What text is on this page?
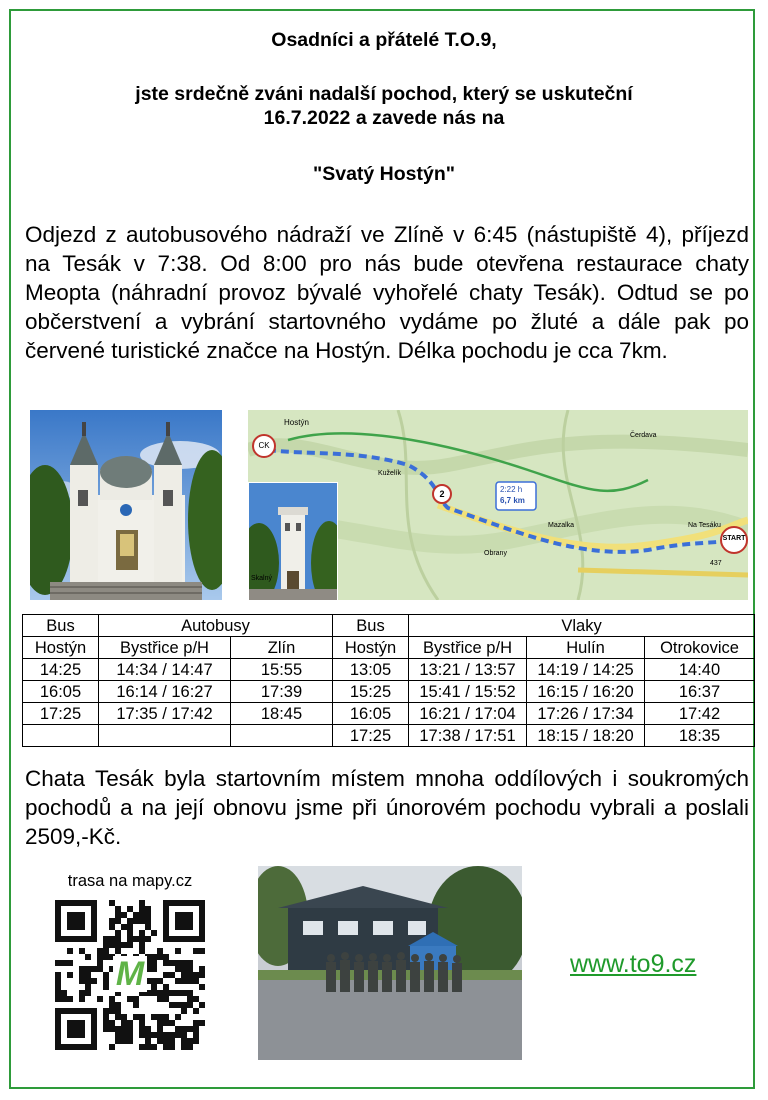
Osadníci a přátelé T.O.9,
jste srdečně zváni nadalší pochod, který se uskuteční
16.7.2022 a zavede nás na
"Svatý Hostýn"

Odjezd z autobusového nádraží ve Zlíně v 6:45 (nástupiště 4), příjezd na Tesák v 7:38. Od 8:00 pro nás bude otevřena restaurace chaty Meopta (náhradní provoz bývalé vyhořelé chaty Tesák). Odtud se po občerstvení a vybrání startovného vydáme po žluté a dále pak po červené turistické značce na Hostýn. Délka pochodu je cca 7km.

CK
2
START
2:22 h
6,7 km
Hostýn
Čerdava
Na Tesáku
Mazalka
Obrany
Kuželík
437
Skalný
Bus	Autobusy		Bus	Vlaky		
Hostýn	Bystřice p/H	Zlín	Hostýn	Bystřice p/H	Hulín	Otrokovice
14:25	14:34 / 14:47	15:55	13:05	13:21 / 13:57	14:19 / 14:25	14:40
16:05	16:14 / 16:27	17:39	15:25	15:41 / 15:52	16:15 / 16:20	16:37
17:25	17:35 / 17:42	18:45	16:05	16:21 / 17:04	17:26 / 17:34	17:42
			17:25	17:38 / 17:51	18:15 / 18:20	18:35

Chata Tesák byla startovním místem mnoha oddílových i soukromých pochodů a na její obnovu jsme při únorovém pochodu vybrali a poslali 2509,-Kč.

trasa na mapy.cz
M	www.to9.cz
